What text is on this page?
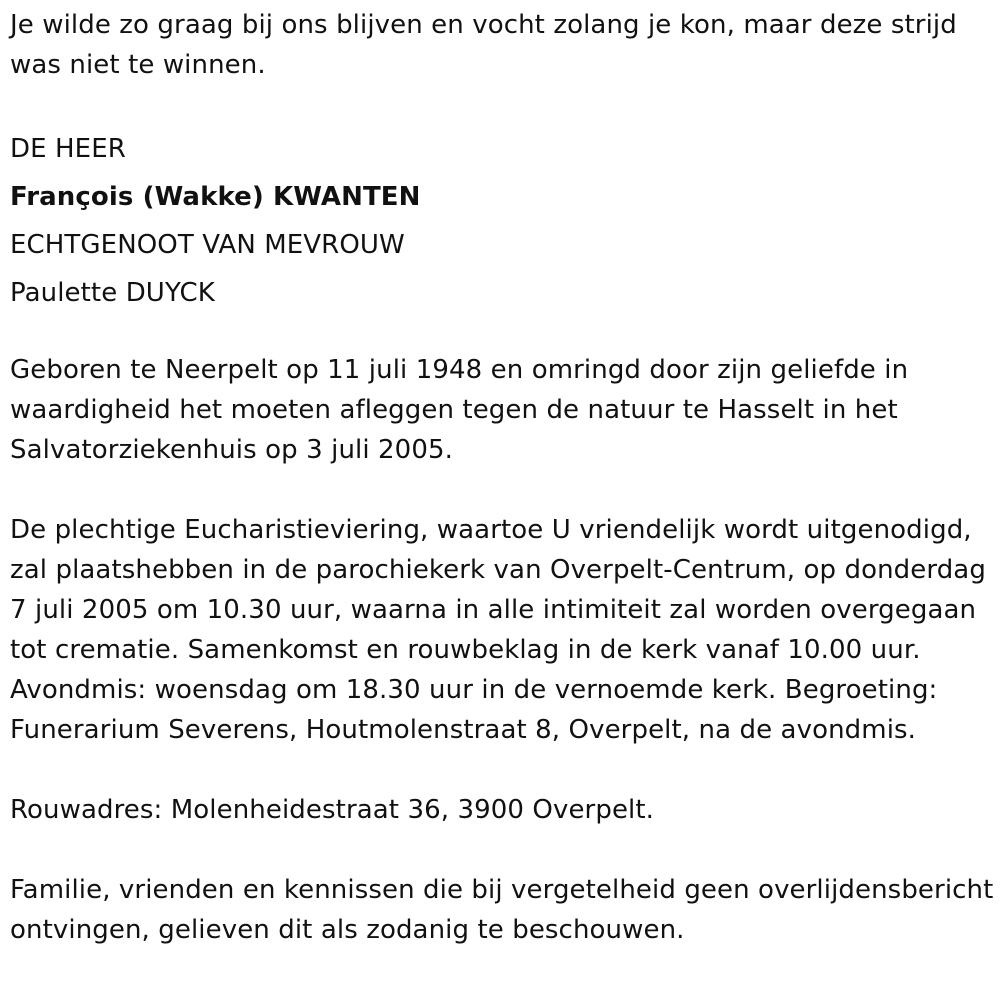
Je wilde zo graag bij ons blijven en vocht zolang je kon, maar deze strijd was niet te winnen.

DE HEER

François (Wakke) KWANTEN

ECHTGENOOT VAN MEVROUW

Paulette DUYCK

Geboren te Neerpelt op 11 juli 1948 en omringd door zijn geliefde in waardigheid het moeten afleggen tegen de natuur te Hasselt in het Salvatorziekenhuis op 3 juli 2005.

De plechtige Eucharistieviering, waartoe U vriendelijk wordt uitgenodigd, zal plaatshebben in de parochiekerk van Overpelt-Centrum, op donderdag 7 juli 2005 om 10.30 uur, waarna in alle intimiteit zal worden overgegaan tot crematie. Samenkomst en rouwbeklag in de kerk vanaf 10.00 uur. Avondmis: woensdag om 18.30 uur in de vernoemde kerk. Begroeting: Funerarium Severens, Houtmolenstraat 8, Overpelt, na de avondmis.

Rouwadres: Molenheidestraat 36, 3900 Overpelt.

Familie, vrienden en kennissen die bij vergetelheid geen overlijdensbericht ontvingen, gelieven dit als zodanig te beschouwen.
